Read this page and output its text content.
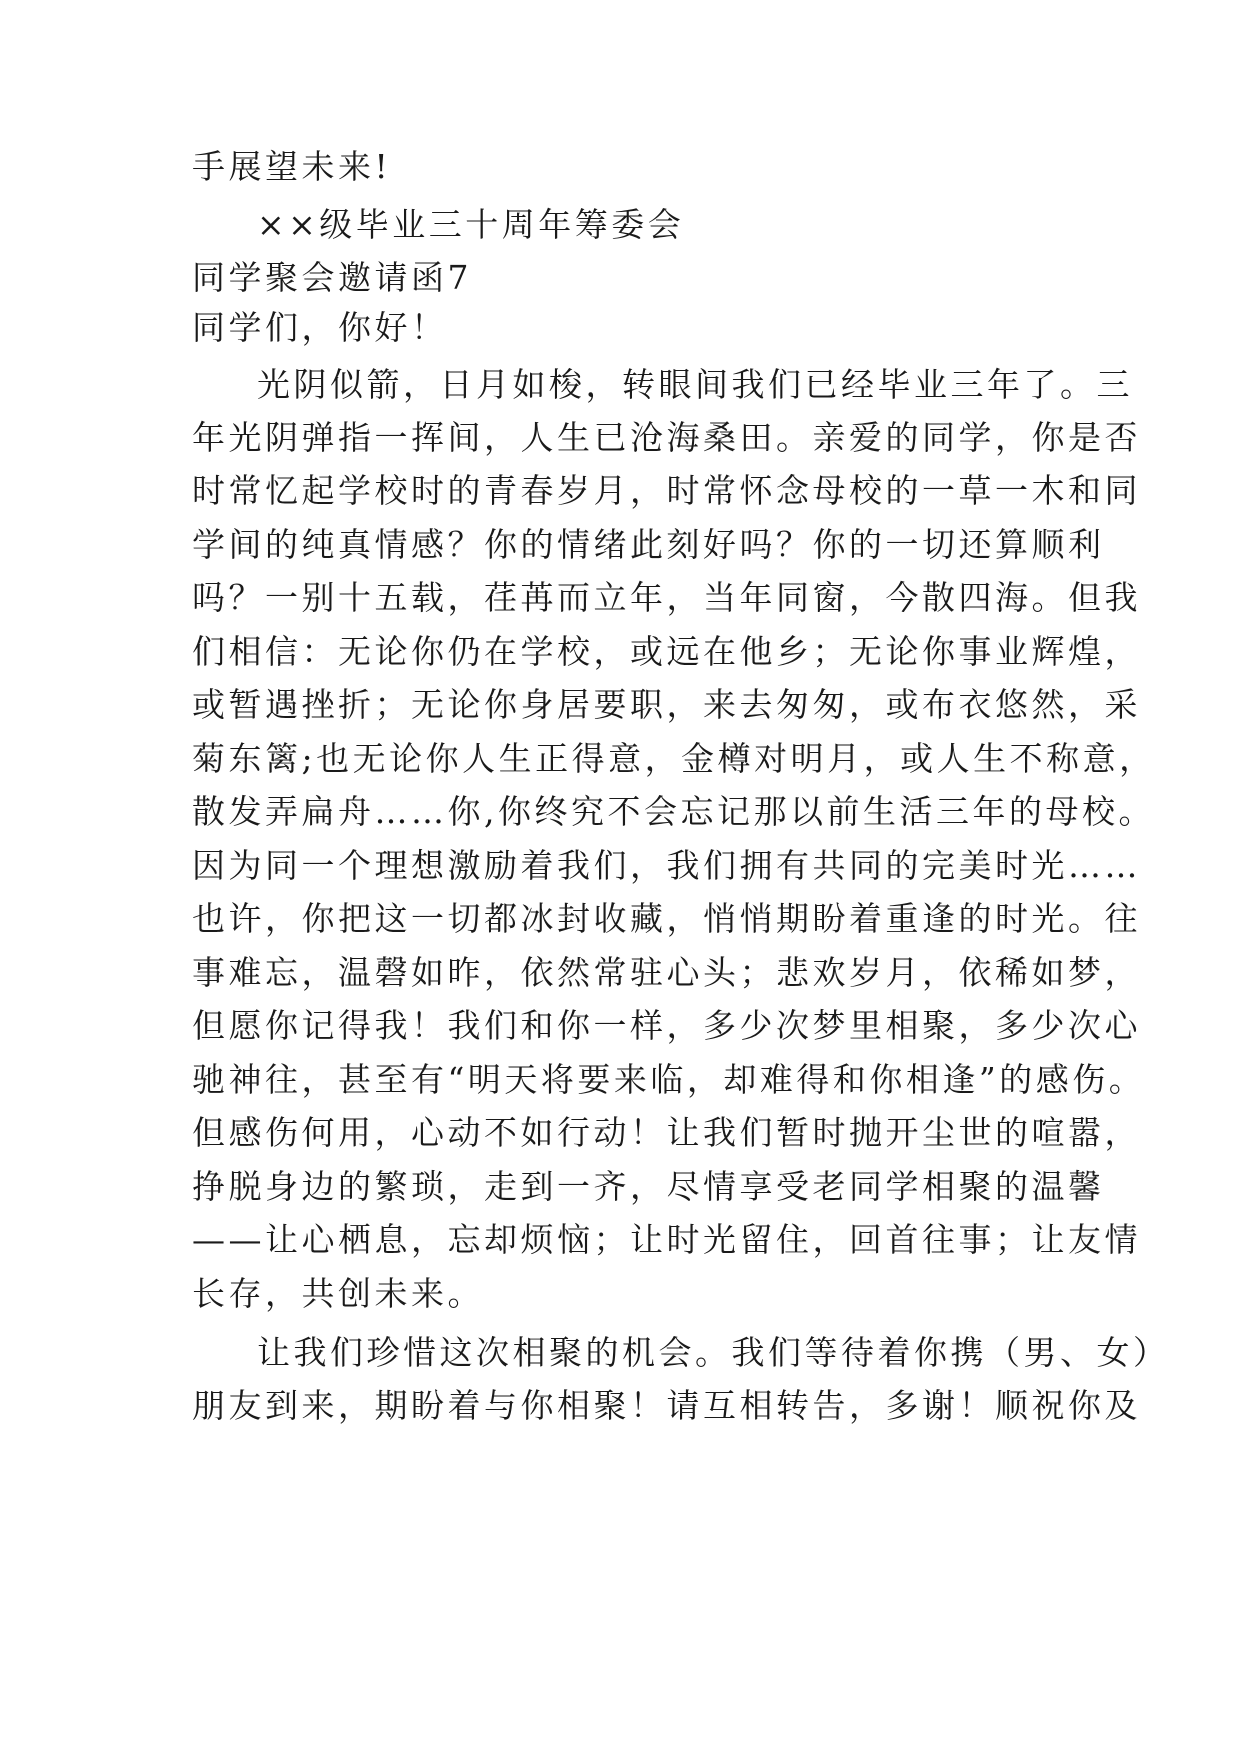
手展望未来!
××级毕业三十周年筹委会
同学聚会邀请函7
同学们，你好！
光阴似箭，日月如梭，转眼间我们已经毕业三年了。三
年光阴弹指一挥间，人生已沧海桑田。亲爱的同学，你是否
时常忆起学校时的青春岁月，时常怀念母校的一草一木和同
学间的纯真情感？你的情绪此刻好吗？你的一切还算顺利
吗？一别十五载，荏苒而立年，当年同窗，今散四海。但我
们相信：无论你仍在学校，或远在他乡；无论你事业辉煌，
或暂遇挫折；无论你身居要职，来去匆匆，或布衣悠然，采
菊东篱;也无论你人生正得意，金樽对明月，或人生不称意，
散发弄扁舟……你,你终究不会忘记那以前生活三年的母校。
因为同一个理想激励着我们，我们拥有共同的完美时光……
也许，你把这一切都冰封收藏，悄悄期盼着重逢的时光。往
事难忘，温磬如昨，依然常驻心头；悲欢岁月，依稀如梦，
但愿你记得我！我们和你一样，多少次梦里相聚，多少次心
驰神往，甚至有“明天将要来临，却难得和你相逢”的感伤。
但感伤何用，心动不如行动！让我们暂时抛开尘世的喧嚣，
挣脱身边的繁琐，走到一齐，尽情享受老同学相聚的温馨
——让心栖息，忘却烦恼；让时光留住，回首往事；让友情
长存，共创未来。
让我们珍惜这次相聚的机会。我们等待着你携（男、女）
朋友到来，期盼着与你相聚！请互相转告，多谢！顺祝你及
